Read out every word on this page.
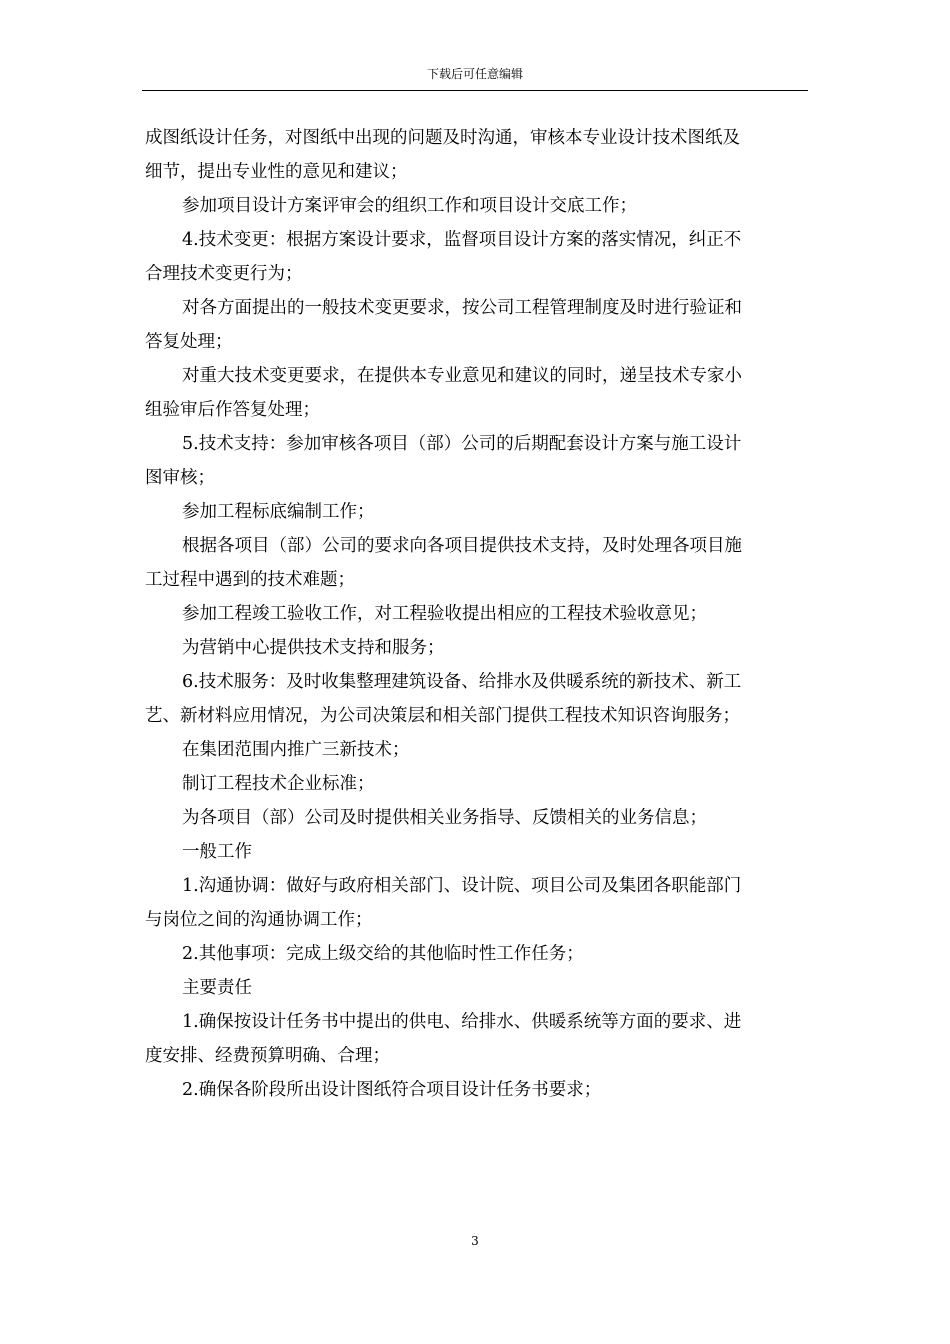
下载后可任意编辑
成图纸设计任务，对图纸中出现的问题及时沟通，审核本专业设计技术图纸及
细节，提出专业性的意见和建议；
参加项目设计方案评审会的组织工作和项目设计交底工作；
4.技术变更：根据方案设计要求，监督项目设计方案的落实情况，纠正不
合理技术变更行为；
对各方面提出的一般技术变更要求，按公司工程管理制度及时进行验证和
答复处理；
对重大技术变更要求，在提供本专业意见和建议的同时，递呈技术专家小
组验审后作答复处理；
5.技术支持：参加审核各项目（部）公司的后期配套设计方案与施工设计
图审核；
参加工程标底编制工作；
根据各项目（部）公司的要求向各项目提供技术支持，及时处理各项目施
工过程中遇到的技术难题；
参加工程竣工验收工作，对工程验收提出相应的工程技术验收意见；
为营销中心提供技术支持和服务；
6.技术服务：及时收集整理建筑设备、给排水及供暖系统的新技术、新工
艺、新材料应用情况，为公司决策层和相关部门提供工程技术知识咨询服务；
在集团范围内推广三新技术；
制订工程技术企业标准；
为各项目（部）公司及时提供相关业务指导、反馈相关的业务信息；
一般工作
1.沟通协调：做好与政府相关部门、设计院、项目公司及集团各职能部门
与岗位之间的沟通协调工作；
2.其他事项：完成上级交给的其他临时性工作任务；
主要责任
1.确保按设计任务书中提出的供电、给排水、供暖系统等方面的要求、进
度安排、经费预算明确、合理；
2.确保各阶段所出设计图纸符合项目设计任务书要求；
3
